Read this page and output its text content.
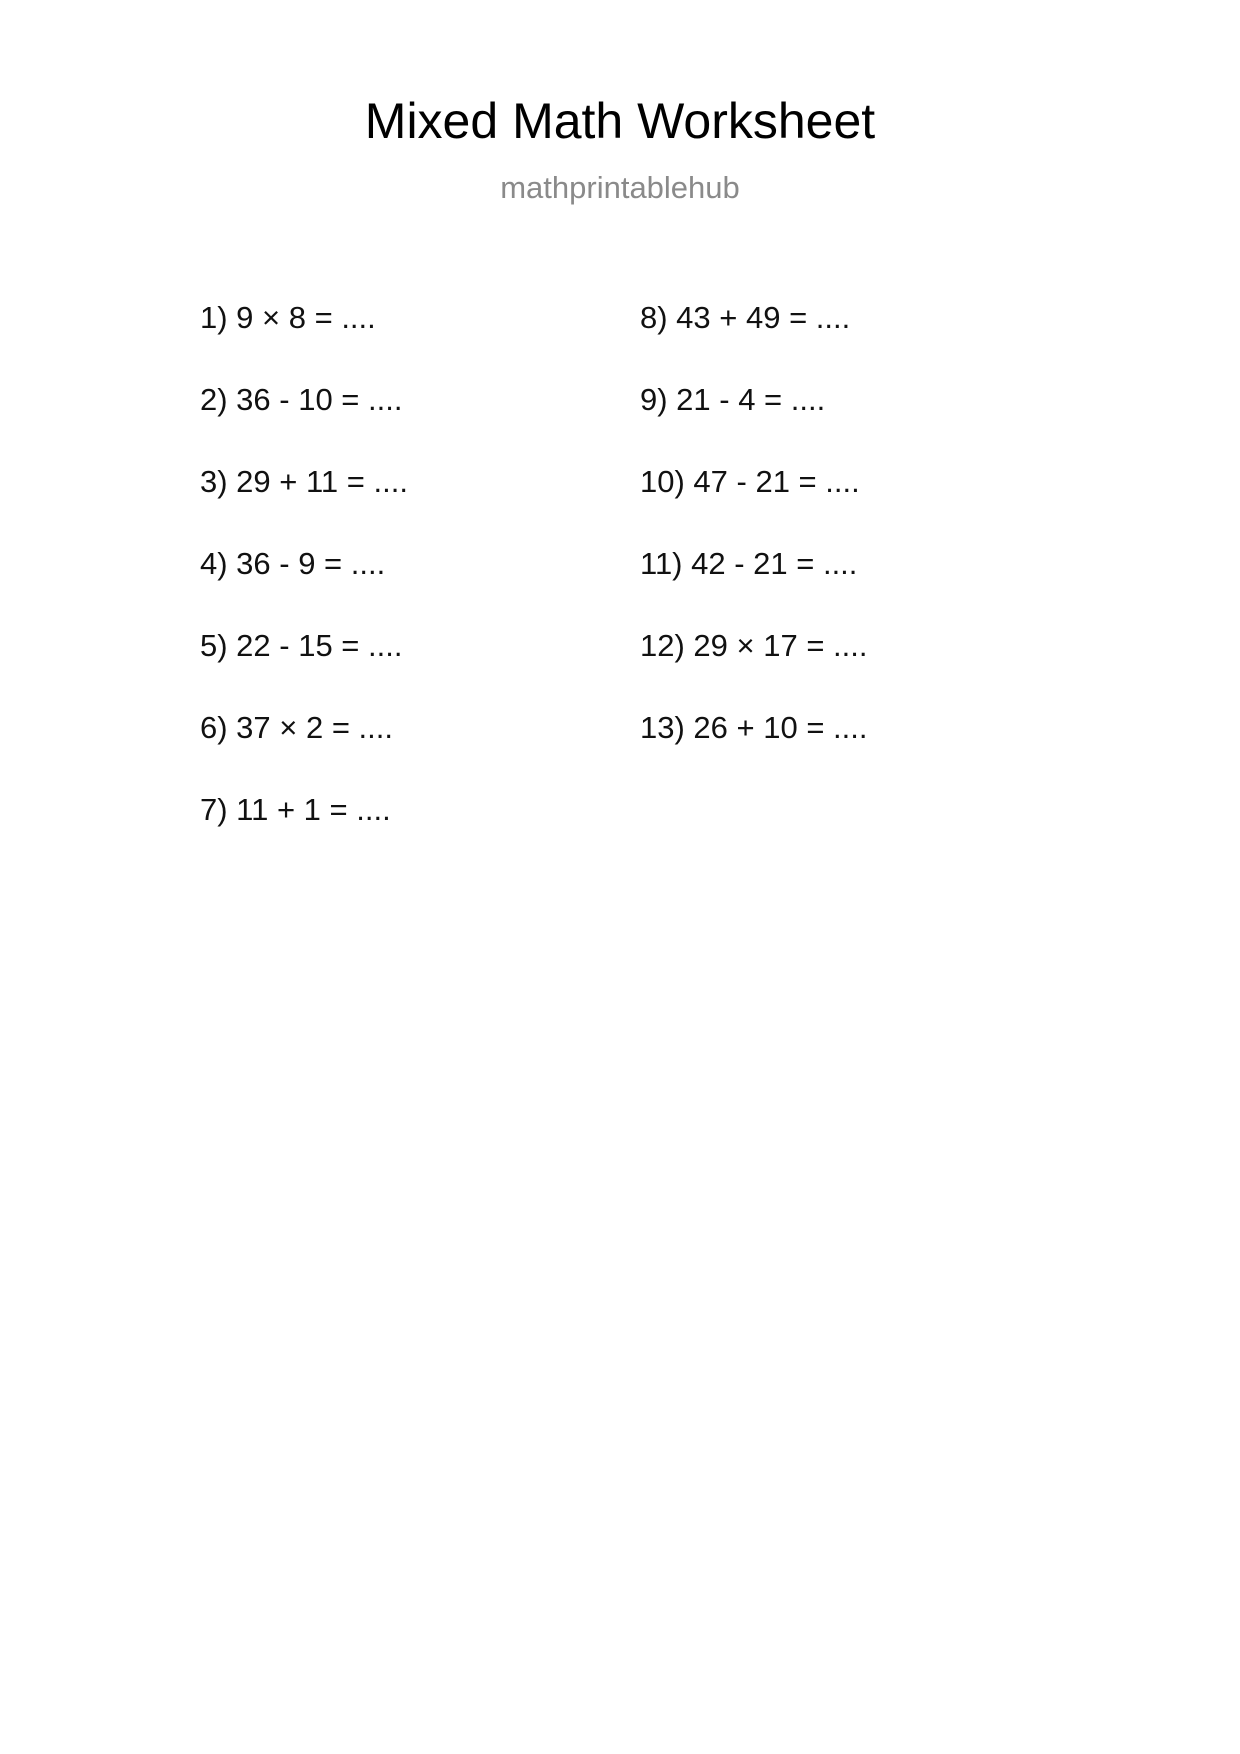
Mixed Math Worksheet
mathprintablehub
1) 9 × 8 = ....
2) 36 - 10 = ....
3) 29 + 11 = ....
4) 36 - 9 = ....
5) 22 - 15 = ....
6) 37 × 2 = ....
7) 11 + 1 = ....
8) 43 + 49 = ....
9) 21 - 4 = ....
10) 47 - 21 = ....
11) 42 - 21 = ....
12) 29 × 17 = ....
13) 26 + 10 = ....
